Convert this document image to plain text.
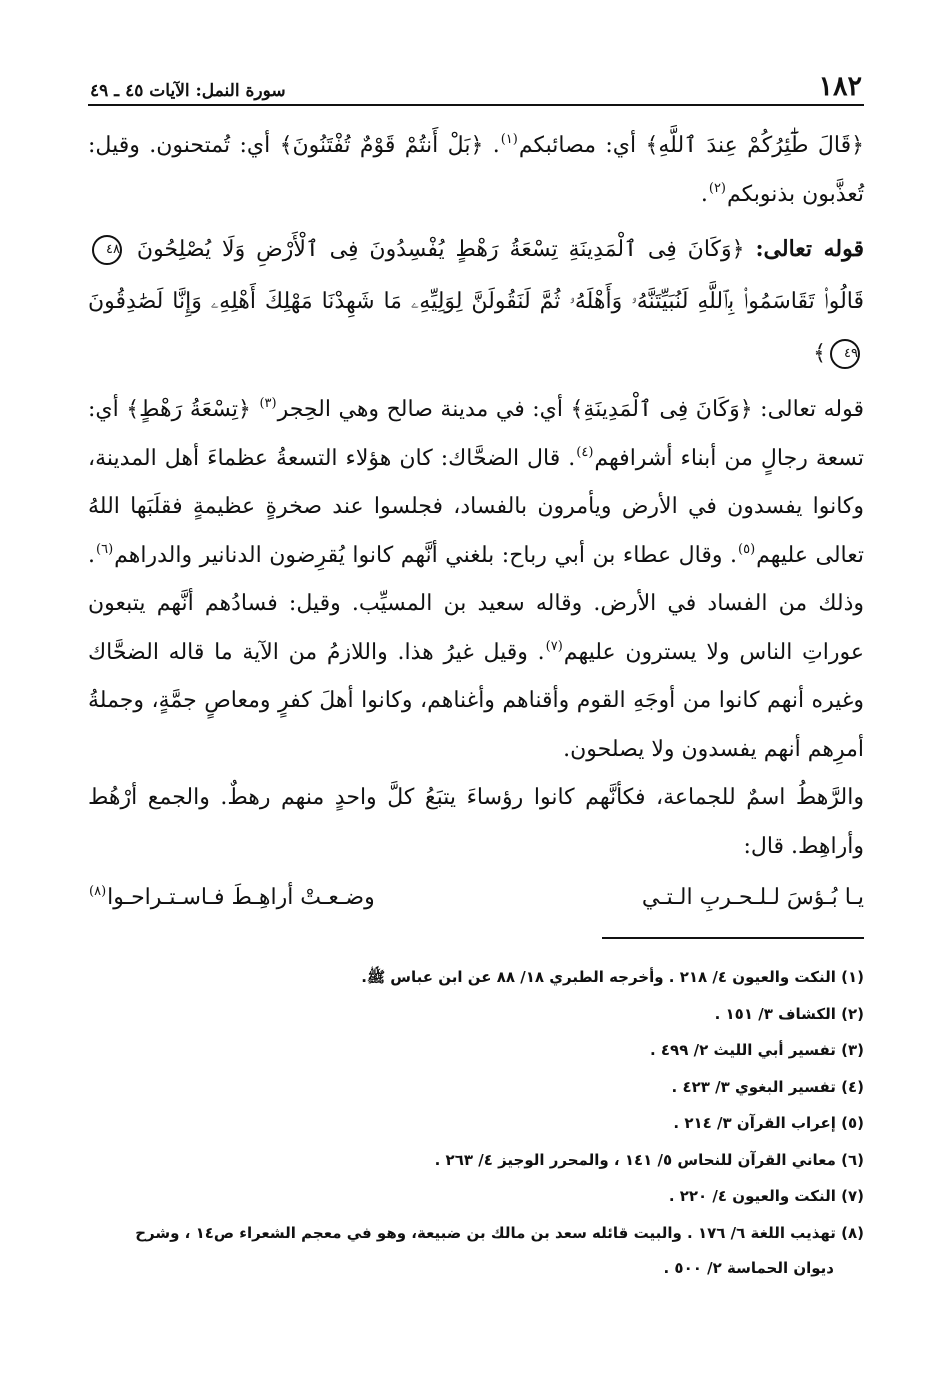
١٨٢
سورة النمل: الآيات ٤٥ ـ ٤٩

﴿قَالَ طَٰٓئِرُكُمْ عِندَ ٱللَّهِ﴾ أي: مصائبكم$^{(١)}$. ﴿بَلْ أَنتُمْ قَوْمٌ تُفْتَنُونَ﴾ أي: تُمتحنون. وقيل: تُعذَّبون بذنوبكم$^{(٢)}$.

قوله تعالى: ﴿وَكَانَ فِى ٱلْمَدِينَةِ تِسْعَةُ رَهْطٍ يُفْسِدُونَ فِى ٱلْأَرْضِ وَلَا يُصْلِحُونَ ٤٨ قَالُوا۟ تَقَاسَمُوا۟ بِٱللَّهِ لَنُبَيِّتَنَّهُۥ وَأَهْلَهُۥ ثُمَّ لَنَقُولَنَّ لِوَلِيِّهِۦ مَا شَهِدْنَا مَهْلِكَ أَهْلِهِۦ وَإِنَّا لَصَٰدِقُونَ ٤٩﴾

قوله تعالى: ﴿وَكَانَ فِى ٱلْمَدِينَةِ﴾ أي: في مدينة صالح وهي الحِجر$^{(٣)}$ ﴿تِسْعَةُ رَهْطٍ﴾ أي: تسعة رجالٍ من أبناء أشرافهم$^{(٤)}$. قال الضحَّاك: كان هؤلاء التسعةُ عظماءَ أهل المدينة، وكانوا يفسدون في الأرض ويأمرون بالفساد، فجلسوا عند صخرةٍ عظيمةٍ فقلَبَها اللهُ تعالى عليهم$^{(٥)}$. وقال عطاء بن أبي رباح: بلغني أنَّهم كانوا يُقرِضون الدنانير والدراهم$^{(٦)}$. وذلك من الفساد في الأرض. وقاله سعيد بن المسيِّب. وقيل: فسادُهم أنَّهم يتبعون عوراتِ الناس ولا يسترون عليهم$^{(٧)}$. وقيل غيرُ هذا. واللازمُ من الآية ما قاله الضحَّاك وغيره أنهم كانوا من أوجَهِ القوم وأقناهم وأغناهم، وكانوا أهلَ كفرٍ ومعاصٍ جمَّةٍ، وجملةُ أمرِهم أنهم يفسدون ولا يصلحون.

والرَّهطُ اسمٌ للجماعة، فكأنَّهم كانوا رؤساءَ يتبَعُ كلَّ واحدٍ منهم رهطٌ. والجمع أرْهُط وأراهِط. قال:

يـا بُـؤسَ لـلـحـربِ الـتـي
وضـعـتْ أراهِـطَ فـاسـتـراحـوا$^{(٨)}$

(١) النكت والعيون ٤/ ٢١٨ . وأخرجه الطبري ١٨/ ٨٨ عن ابن عباس ﷺ.

(٢) الكشاف ٣/ ١٥١ .

(٣) تفسير أبي الليث ٢/ ٤٩٩ .

(٤) تفسير البغوي ٣/ ٤٢٣ .

(٥) إعراب القرآن ٣/ ٢١٤ .

(٦) معاني القرآن للنحاس ٥/ ١٤١ ، والمحرر الوجيز ٤/ ٢٦٣ .

(٧) النكت والعيون ٤/ ٢٢٠ .

(٨) تهذيب اللغة ٦/ ١٧٦ . والبيت قائله سعد بن مالك بن ضبيعة، وهو في معجم الشعراء ص١٤ ، وشرح
ديوان الحماسة ٢/ ٥٠٠ .
